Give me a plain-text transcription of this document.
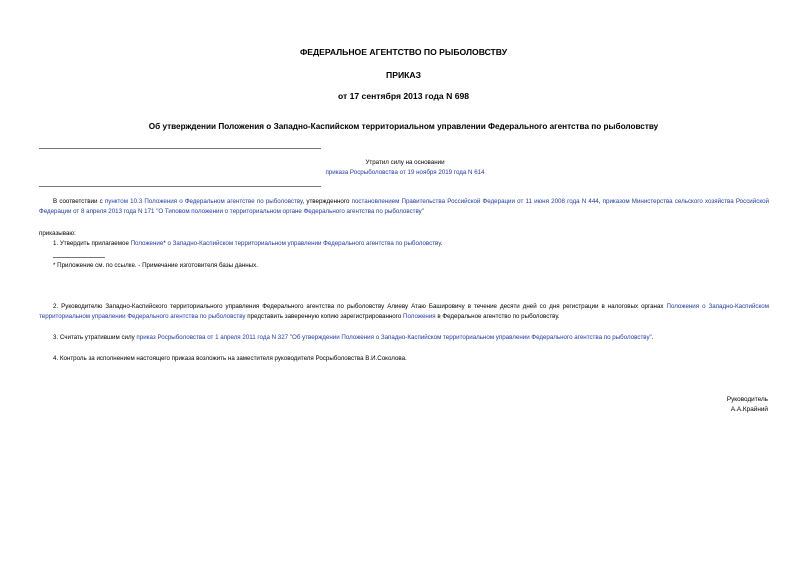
ФЕДЕРАЛЬНОЕ АГЕНТСТВО ПО РЫБОЛОВСТВУ
ПРИКАЗ
от 17 сентября 2013 года N 698
Об утверждении Положения о Западно-Каспийском территориальном управлении Федерального агентства по рыболовству
Утратил силу на основании
приказа Росрыболовства от 19 ноября 2019 года N 614
В соответствии с пунктом 10.3 Положения о Федеральном агентстве по рыболовству, утвержденного постановлением Правительства Российской Федерации от 11 июня 2008 года N 444, приказом Министерства сельского хозяйства Российской Федерации от 8 апреля 2013 года N 171 "О Типовом положении о территориальном органе Федерального агентства по рыболовству"
приказываю:
1. Утвердить прилагаемое Положение* о Западно-Каспийском территориальном управлении Федерального агентства по рыболовству.
* Приложение см. по ссылке. - Примечание изготовителя базы данных.
2. Руководителю Западно-Каспийского территориального управления Федерального агентства по рыболовству Алиеву Атаю Башировичу в течение десяти дней со дня регистрации в налоговых органах Положения о Западно-Каспийском территориальном управлении Федерального агентства по рыболовству представить заверенную копию зарегистрированного Положения в Федеральное агентство по рыболовству.
3. Считать утратившим силу приказ Росрыболовства от 1 апреля 2011 года N 327 "Об утверждении Положения о Западно-Каспийском территориальном управлении Федерального агентства по рыболовству".
4. Контроль за исполнением настоящего приказа возложить на заместителя руководителя Росрыболовства В.И.Соколова.
Руководитель
А.А.Крайний
